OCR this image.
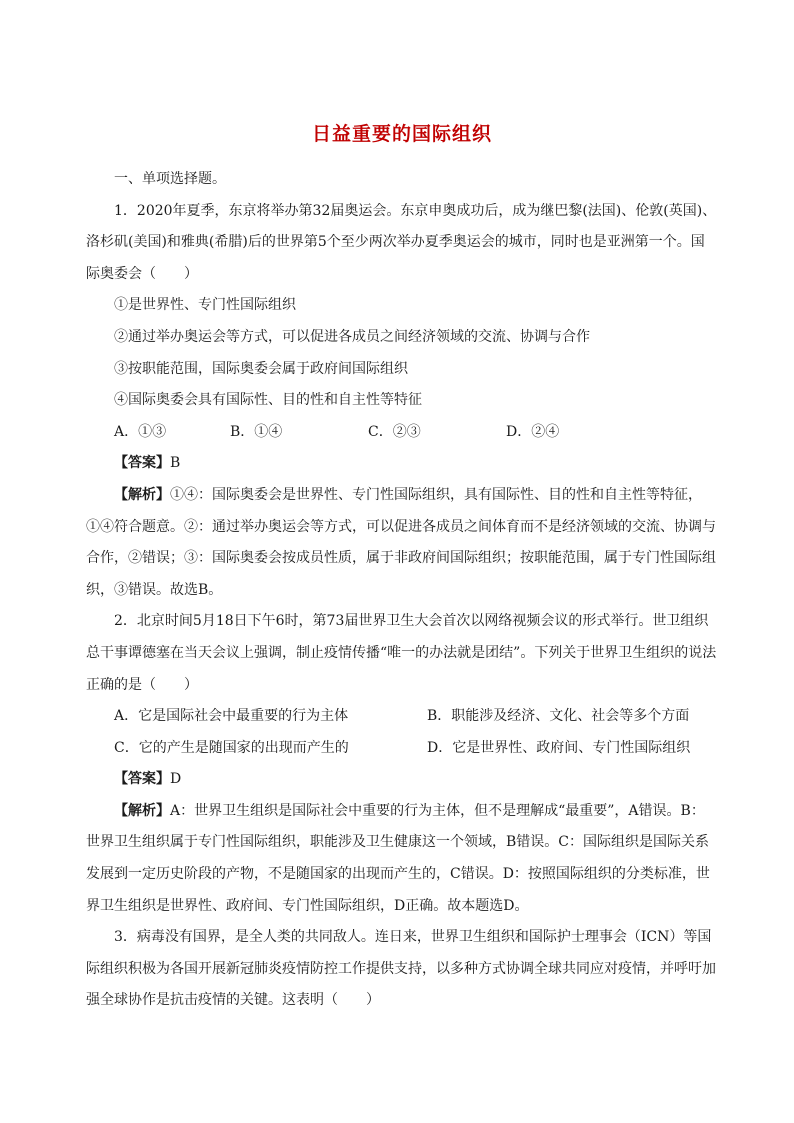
日益重要的国际组织

一、单项选择题。

1．2020年夏季，东京将举办第32届奥运会。东京申奥成功后，成为继巴黎(法国)、伦敦(英国)、洛杉矶(美国)和雅典(希腊)后的世界第5个至少两次举办夏季奥运会的城市，同时也是亚洲第一个。国际奥委会（　　）

①是世界性、专门性国际组织

②通过举办奥运会等方式，可以促进各成员之间经济领域的交流、协调与合作

③按职能范围，国际奥委会属于政府间国际组织

④国际奥委会具有国际性、目的性和自主性等特征

A．①③	B．①④	C．②③	D．②④

【答案】B

【解析】①④：国际奥委会是世界性、专门性国际组织，具有国际性、目的性和自主性等特征，①④符合题意。②：通过举办奥运会等方式，可以促进各成员之间体育而不是经济领域的交流、协调与合作，②错误；③：国际奥委会按成员性质，属于非政府间国际组织；按职能范围，属于专门性国际组织，③错误。故选B。

2．北京时间5月18日下午6时，第73届世界卫生大会首次以网络视频会议的形式举行。世卫组织总干事谭德塞在当天会议上强调，制止疫情传播“唯一的办法就是团结”。下列关于世界卫生组织的说法正确的是（　　）

A．它是国际社会中最重要的行为主体	B．职能涉及经济、文化、社会等多个方面
C．它的产生是随国家的出现而产生的	D．它是世界性、政府间、专门性国际组织

【答案】D

【解析】A：世界卫生组织是国际社会中重要的行为主体，但不是理解成“最重要”，A错误。B：世界卫生组织属于专门性国际组织，职能涉及卫生健康这一个领域，B错误。C：国际组织是国际关系发展到一定历史阶段的产物，不是随国家的出现而产生的，C错误。D：按照国际组织的分类标准，世界卫生组织是世界性、政府间、专门性国际组织，D正确。故本题选D。

3．病毒没有国界，是全人类的共同敌人。连日来，世界卫生组织和国际护士理事会（ICN）等国际组织积极为各国开展新冠肺炎疫情防控工作提供支持，以多种方式协调全球共同应对疫情，并呼吁加强全球协作是抗击疫情的关键。这表明（　　）
